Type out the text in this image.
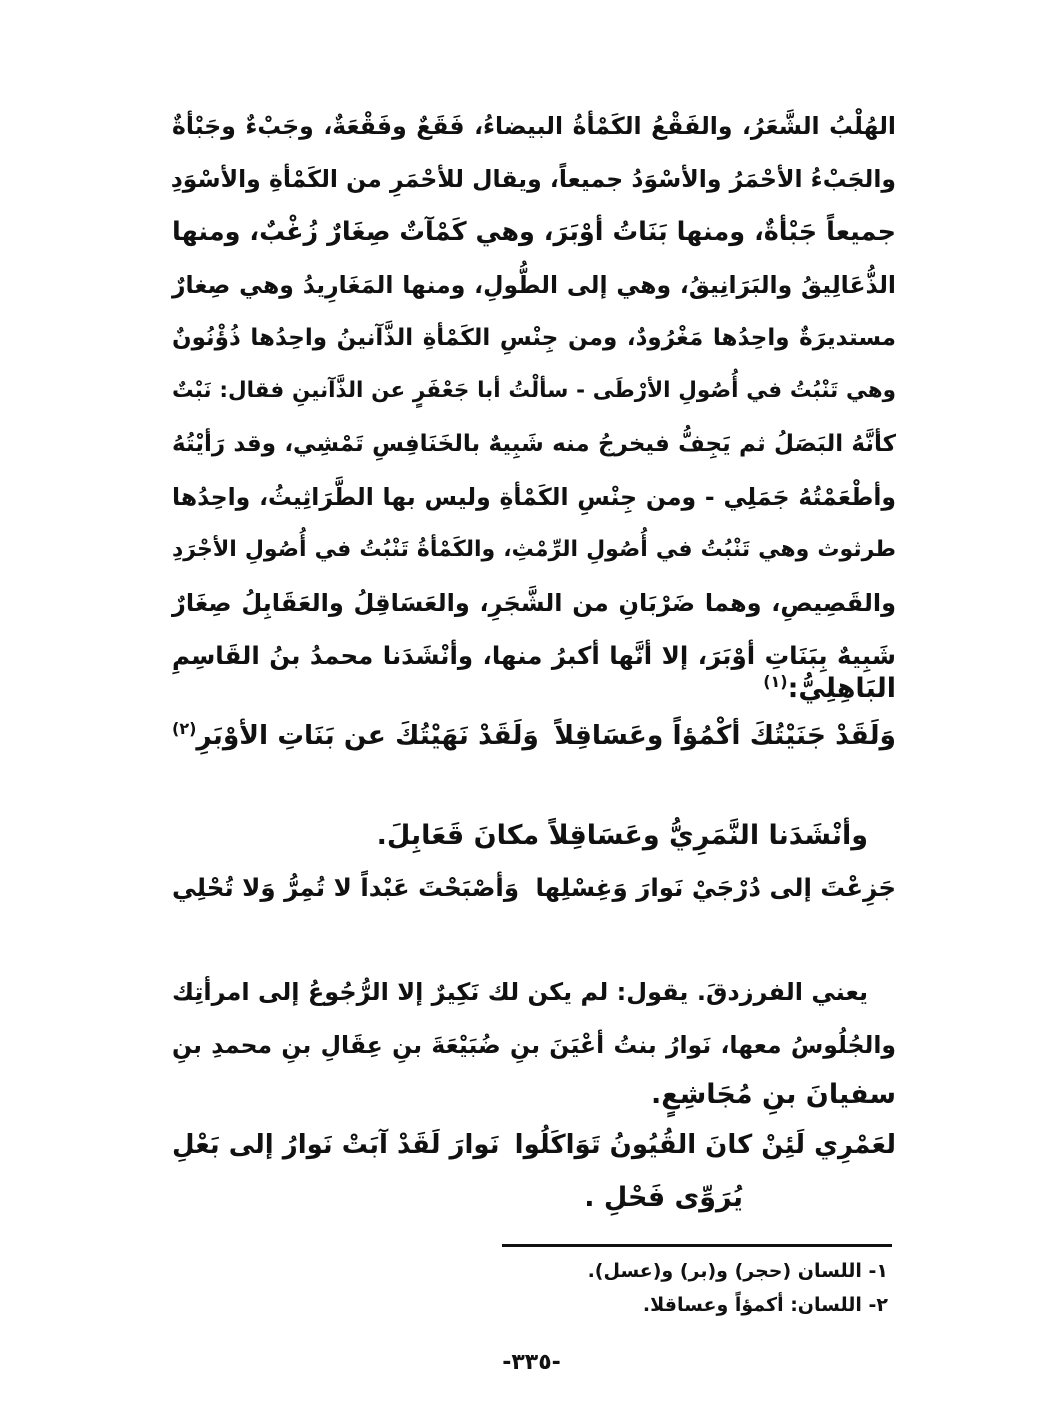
الهُلْبُ الشَّعَرُ، والفَقْعُ الكَمْأةُ البيضاءُ، فَقَعٌ وفَقْعَةٌ، وجَبْءٌ وجَبْأةٌ
والجَبْءُ الأحْمَرُ والأسْوَدُ جميعاً، ويقال للأحْمَرِ من الكَمْأةِ والأسْوَدِ
جميعاً جَبْأةٌ، ومنها بَنَاتُ أوْبَرَ، وهي كَمْآتٌ صِغَارٌ زُغْبٌ، ومنها
الذُّعَالِيقُ والبَرَانِيقُ، وهي إلى الطُّولِ، ومنها المَغَارِيدُ وهي صِغارٌ
مستديرَةٌ واحِدُها مَغْرُودٌ، ومن جِنْسِ الكَمْأةِ الذَّآنينُ واحِدُها ذُؤْنُونٌ
وهي تَنْبُتُ في أُصُولِ الأرْطَى - سألْتُ أبا جَعْفَرٍ عن الذَّآنينِ فقال: نَبْتٌ
كأنَّهُ البَصَلُ ثم يَجِفُّ فيخرجُ منه شَبِيهٌ بالخَنَافِسِ تَمْشِي، وقد رَأيْتُهُ
وأطْعَمْتُهُ جَمَلِي - ومن جِنْسِ الكَمْأةِ وليس بها الطَّرَاثِيثُ، واحِدُها
طرثوث وهي تَنْبُتُ في أُصُولِ الرِّمْثِ، والكَمْأةُ تَنْبُتُ في أُصُولِ الأجْرَدِ
والقَصِيصِ، وهما ضَرْبَانِ من الشَّجَرِ، والعَسَاقِلُ والعَقَابِلُ صِغَارٌ
شَبِيهٌ بِبَنَاتِ أوْبَرَ، إلا أنَّها أكبرُ منها، وأنْشَدَنا محمدُ بنُ القَاسِمِ
البَاهِلِيُّ:$^{(١)}$
وَلَقَدْ جَنَيْتُكَ أكْمُؤاً وعَسَاقِلاً وَلَقَدْ نَهَيْتُكَ عن بَنَاتِ الأوْبَرِ$^{(٢)}$
وأنْشَدَنا النَّمَرِيُّ وعَسَاقِلاً مكانَ قَعَابِلَ.
جَزِعْتَ إلى دُرْجَيْ نَوارَ وَغِسْلِها وَأصْبَحْتَ عَبْداً لا تُمِرُّ وَلا تُحْلِي
يعني الفرزدقَ. يقول: لم يكن لك نَكِيرٌ إلا الرُّجُوعُ إلى امرأتِك
والجُلُوسُ معها، نَوارُ بنتُ أعْيَنَ بنِ ضُبَيْعَةَ بنِ عِقَالِ بنِ محمدِ بنِ
سفيانَ بنِ مُجَاشِعٍ.
لعَمْرِي لَئِنْ كانَ القُيُونُ تَوَاكَلُوا نَوارَ لَقَدْ آبَتْ نَوارُ إلى بَعْلِ
يُرَوِّى فَحْلِ .
١- اللسان (حجر) و(بر) و(عسل).
٢- اللسان: أكمؤاً وعساقلا.
-٣٣٥-
